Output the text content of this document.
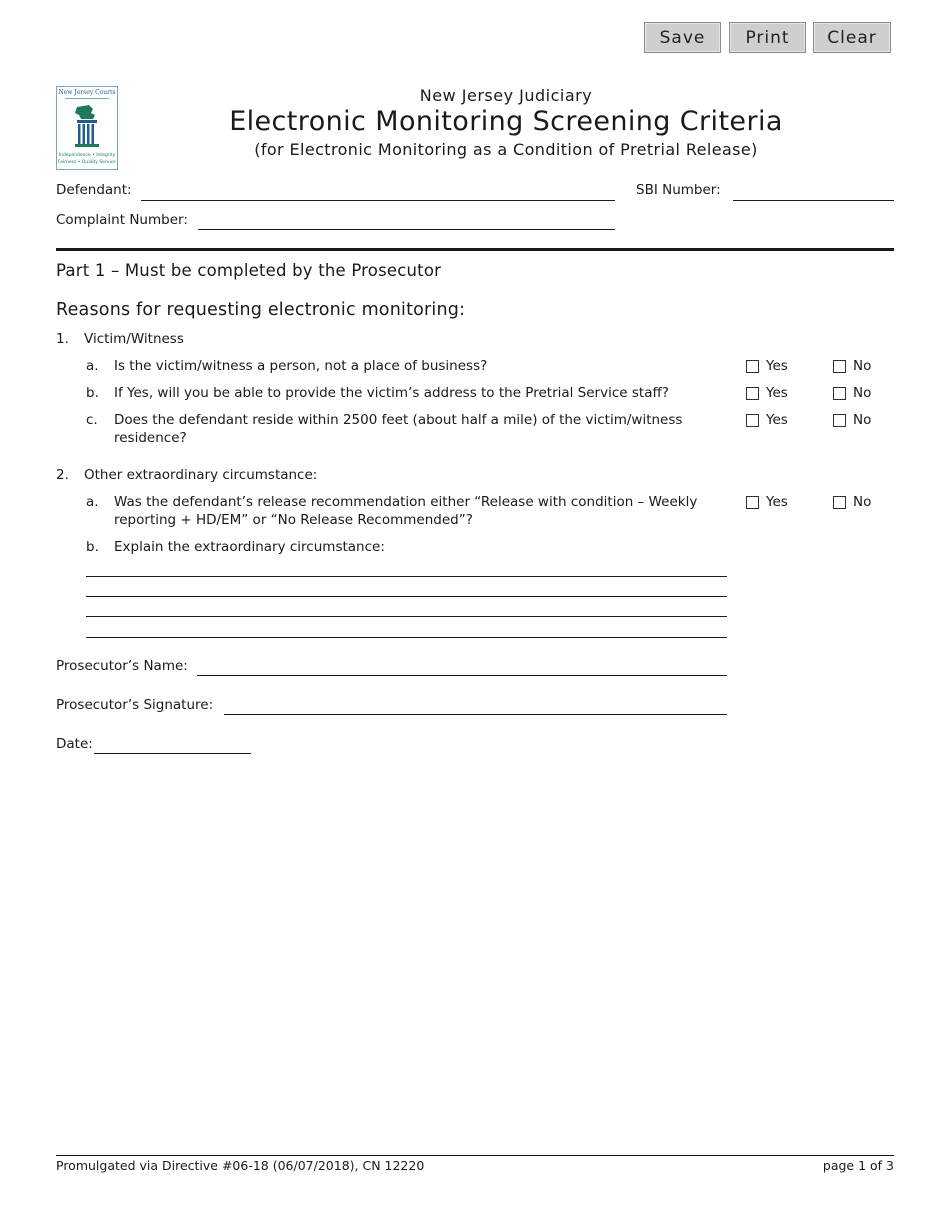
Save	Print	Clear
New Jersey Courts
Independence • Integrity
Fairness • Quality Service
New Jersey Judiciary
Electronic Monitoring Screening Criteria
(for Electronic Monitoring as a Condition of Pretrial Release)
Defendant:	SBI Number:
Complaint Number:
Part 1 – Must be completed by the Prosecutor
Reasons for requesting electronic monitoring:
1. Victim/Witness
a. Is the victim/witness a person, not a place of business?	Yes	No
b. If Yes, will you be able to provide the victim’s address to the Pretrial Service staff?	Yes	No
c. Does the defendant reside within 2500 feet (about half a mile) of the victim/witness
residence?
Yes	No
2. Other extraordinary circumstance:
a. Was the defendant’s release recommendation either “Release with condition – Weekly
reporting + HD/EM” or “No Release Recommended”?
Yes	No
b. Explain the extraordinary circumstance:
Prosecutor’s Name:
Prosecutor’s Signature:
Date:
Promulgated via Directive #06-18 (06/07/2018), CN 12220	page 1 of 3
